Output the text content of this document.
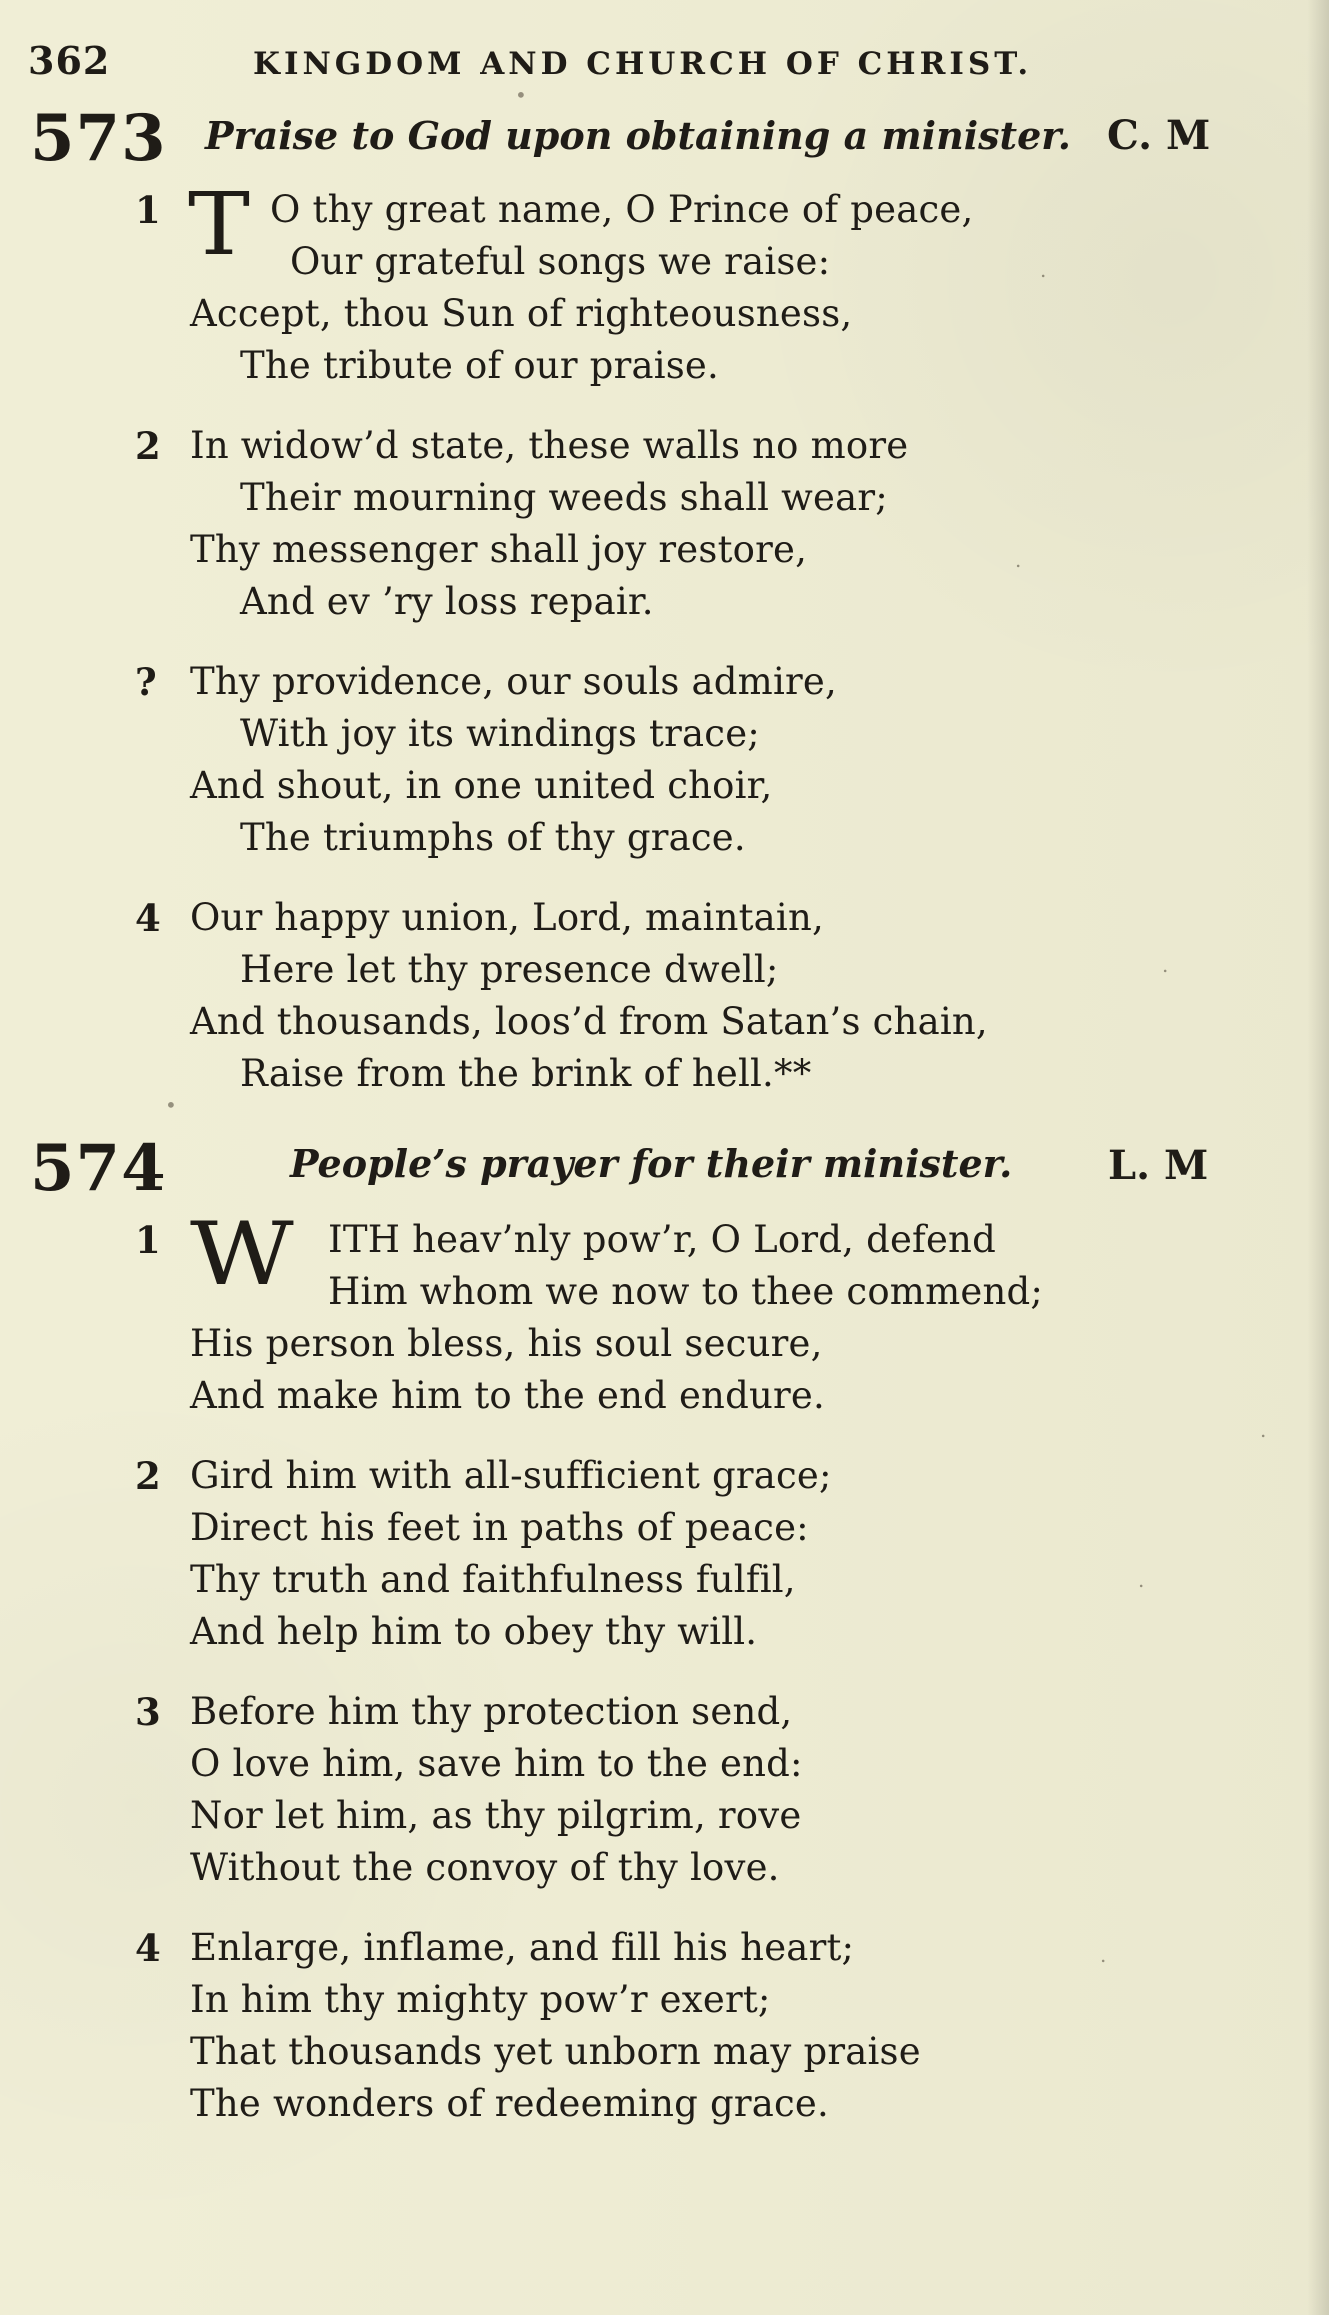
362	KINGDOM AND CHURCH OF CHRIST.
573 Praise to God upon obtaining a minister. C. M
1 T O thy great name, O Prince of peace,
Our grateful songs we raise:
Accept, thou Sun of righteousness,
The tribute of our praise.
2 In widow’d state, these walls no more
Their mourning weeds shall wear;
Thy messenger shall joy restore,
And ev ’ry loss repair.
? Thy providence, our souls admire,
With joy its windings trace;
And shout, in one united choir,
The triumphs of thy grace.
4 Our happy union, Lord, maintain,
Here let thy presence dwell;
And thousands, loos’d from Satan’s chain,
Raise from the brink of hell.**
574	People’s prayer for their minister. L. M
1 W ITH heav’nly pow’r, O Lord, defend
Him whom we now to thee commend;
His person bless, his soul secure,
And make him to the end endure.
2 Gird him with all-sufficient grace;
Direct his feet in paths of peace:
Thy truth and faithfulness fulfil,
And help him to obey thy will.
3 Before him thy protection send,
O love him, save him to the end:
Nor let him, as thy pilgrim, rove
Without the convoy of thy love.
4 Enlarge, inflame, and fill his heart;
In him thy mighty pow’r exert;
That thousands yet unborn may praise
The wonders of redeeming grace.
•
.
.
.
•
.
.
.
